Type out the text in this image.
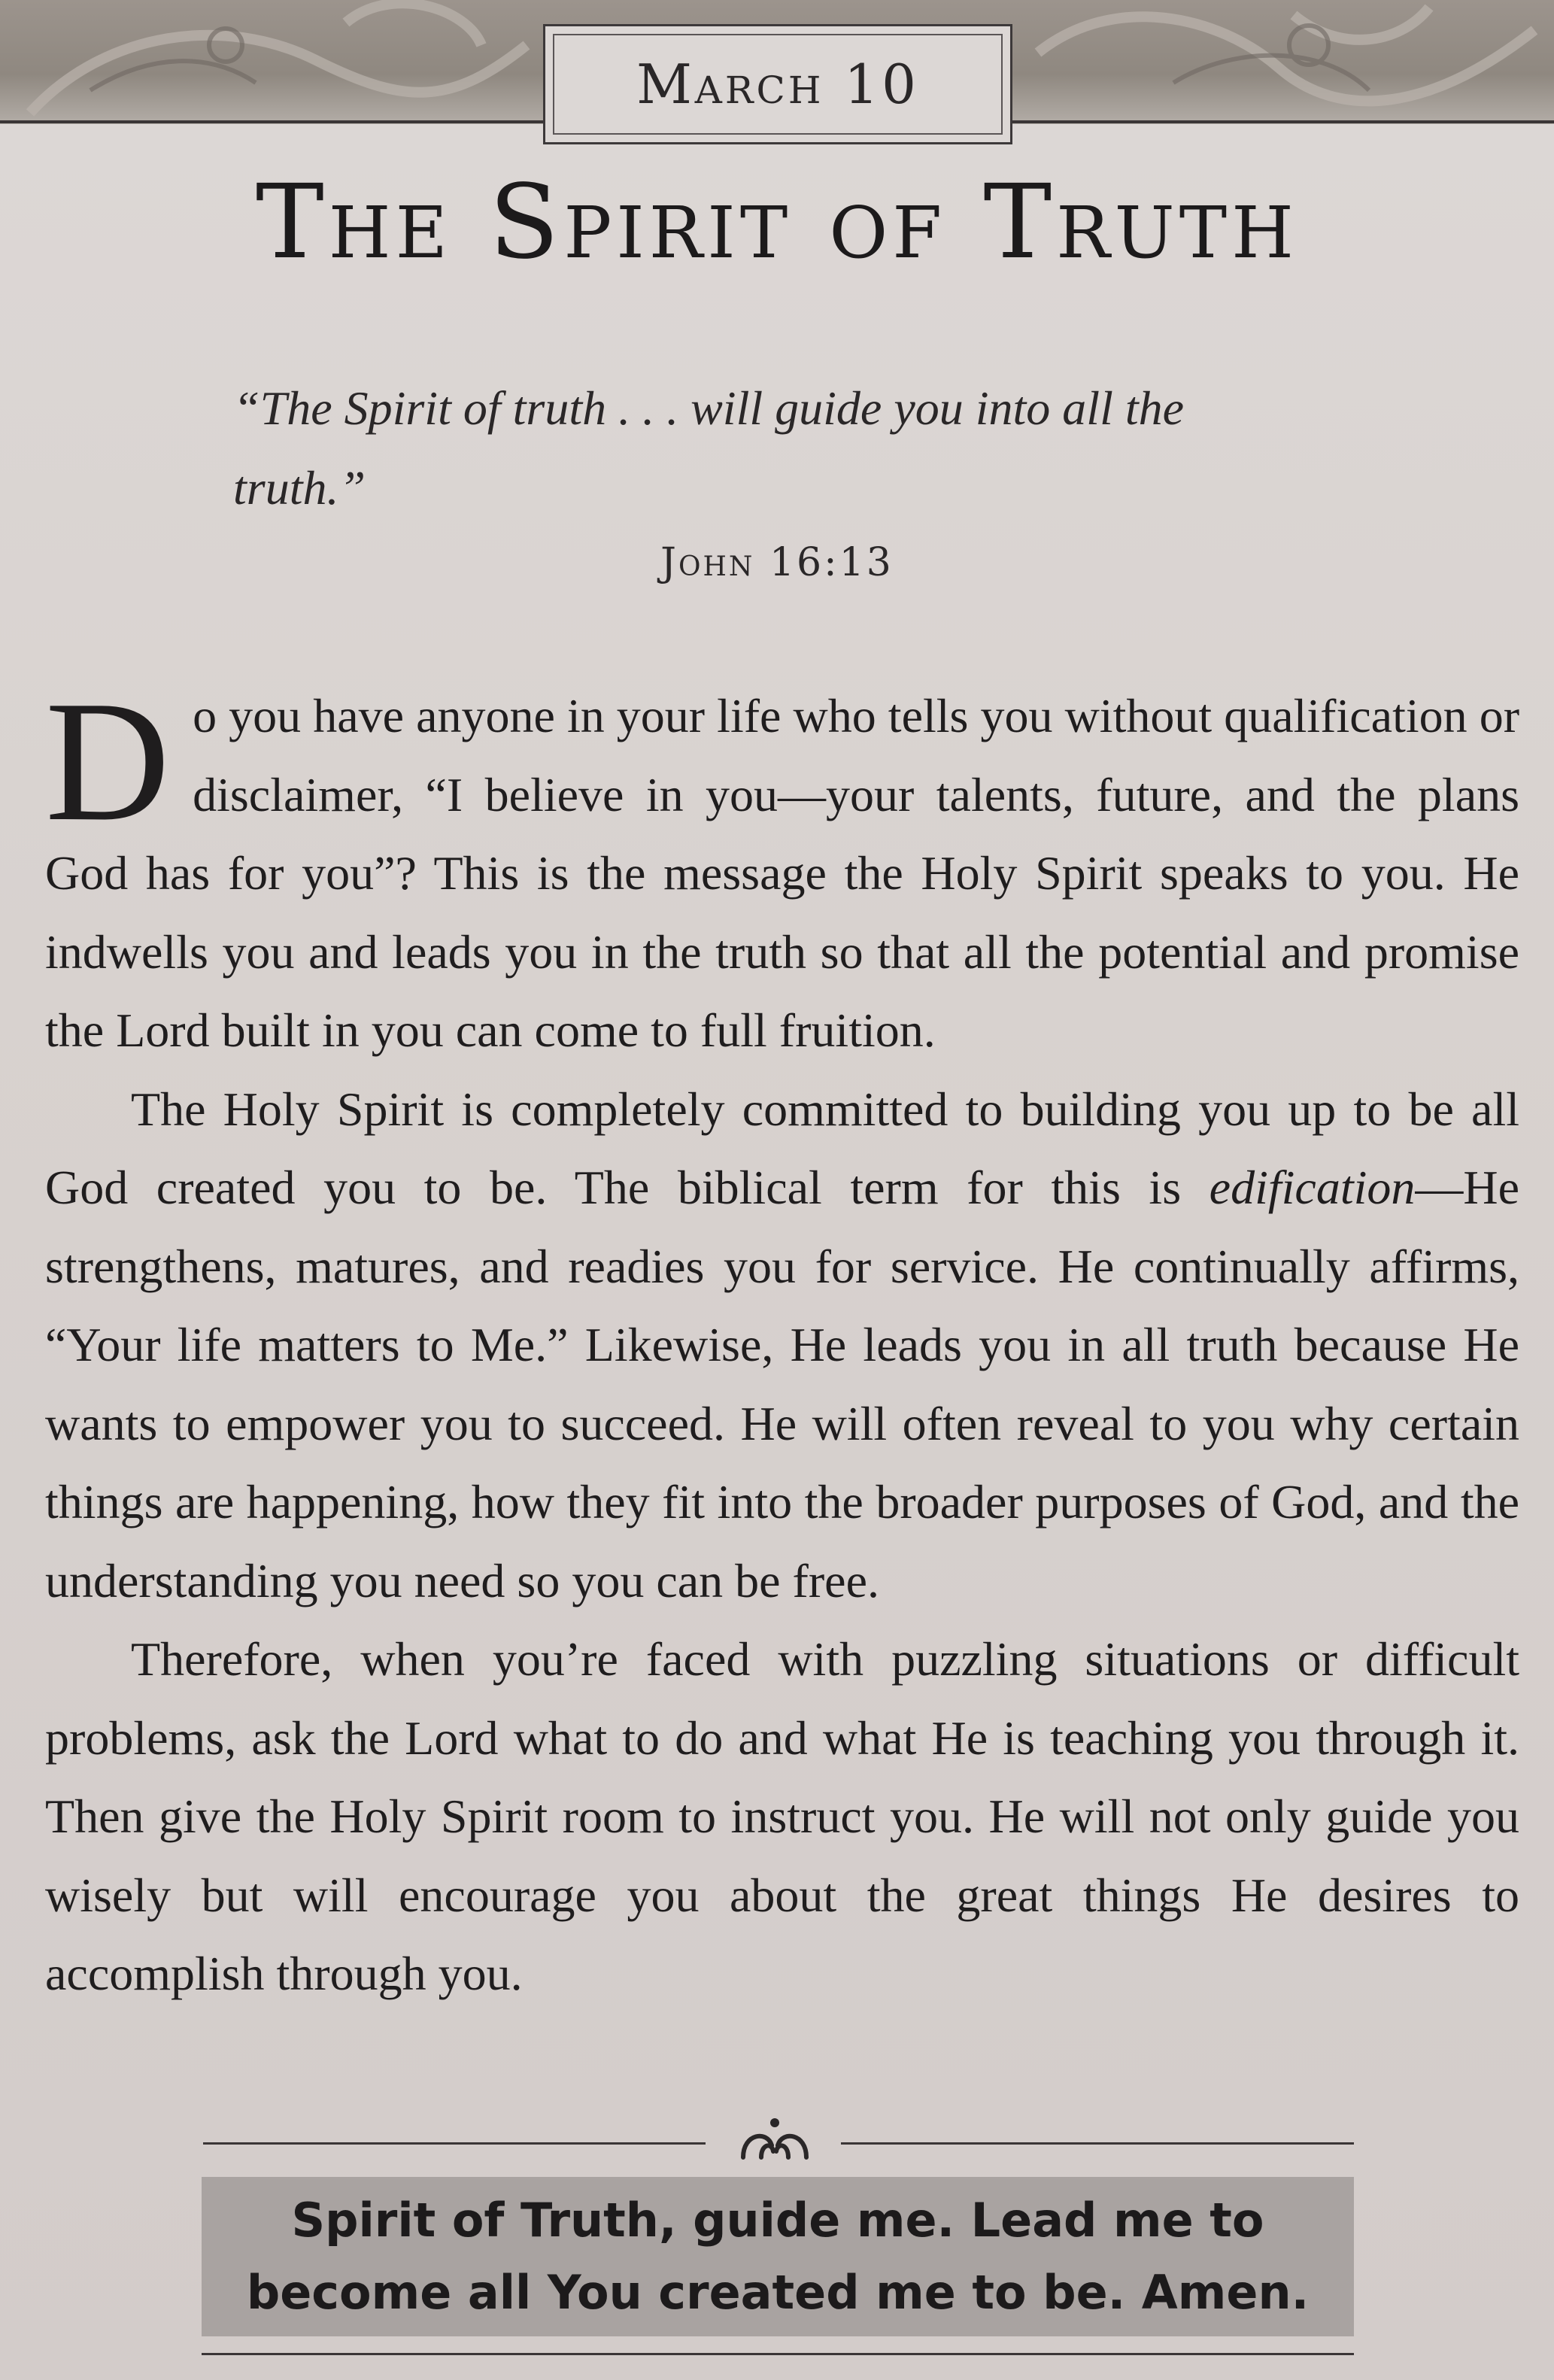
March 10
The Spirit of Truth
“The Spirit of truth . . . will guide you into all the truth.”
John 16:13

Do you have anyone in your life who tells you without qualification or disclaimer, “I believe in you—your talents, future, and the plans God has for you”? This is the message the Holy Spirit speaks to you. He indwells you and leads you in the truth so that all the potential and promise the Lord built in you can come to full fruition.

The Holy Spirit is completely committed to building you up to be all God created you to be. The biblical term for this is edification—He strengthens, matures, and readies you for service. He continually affirms, “Your life matters to Me.” Likewise, He leads you in all truth because He wants to empower you to succeed. He will often reveal to you why certain things are happening, how they fit into the broader purposes of God, and the understanding you need so you can be free.

Therefore, when you’re faced with puzzling situations or difficult problems, ask the Lord what to do and what He is teaching you through it. Then give the Holy Spirit room to instruct you. He will not only guide you wisely but will encourage you about the great things He desires to accomplish through you.

Spirit of Truth, guide me. Lead me to
become all You created me to be. Amen.
